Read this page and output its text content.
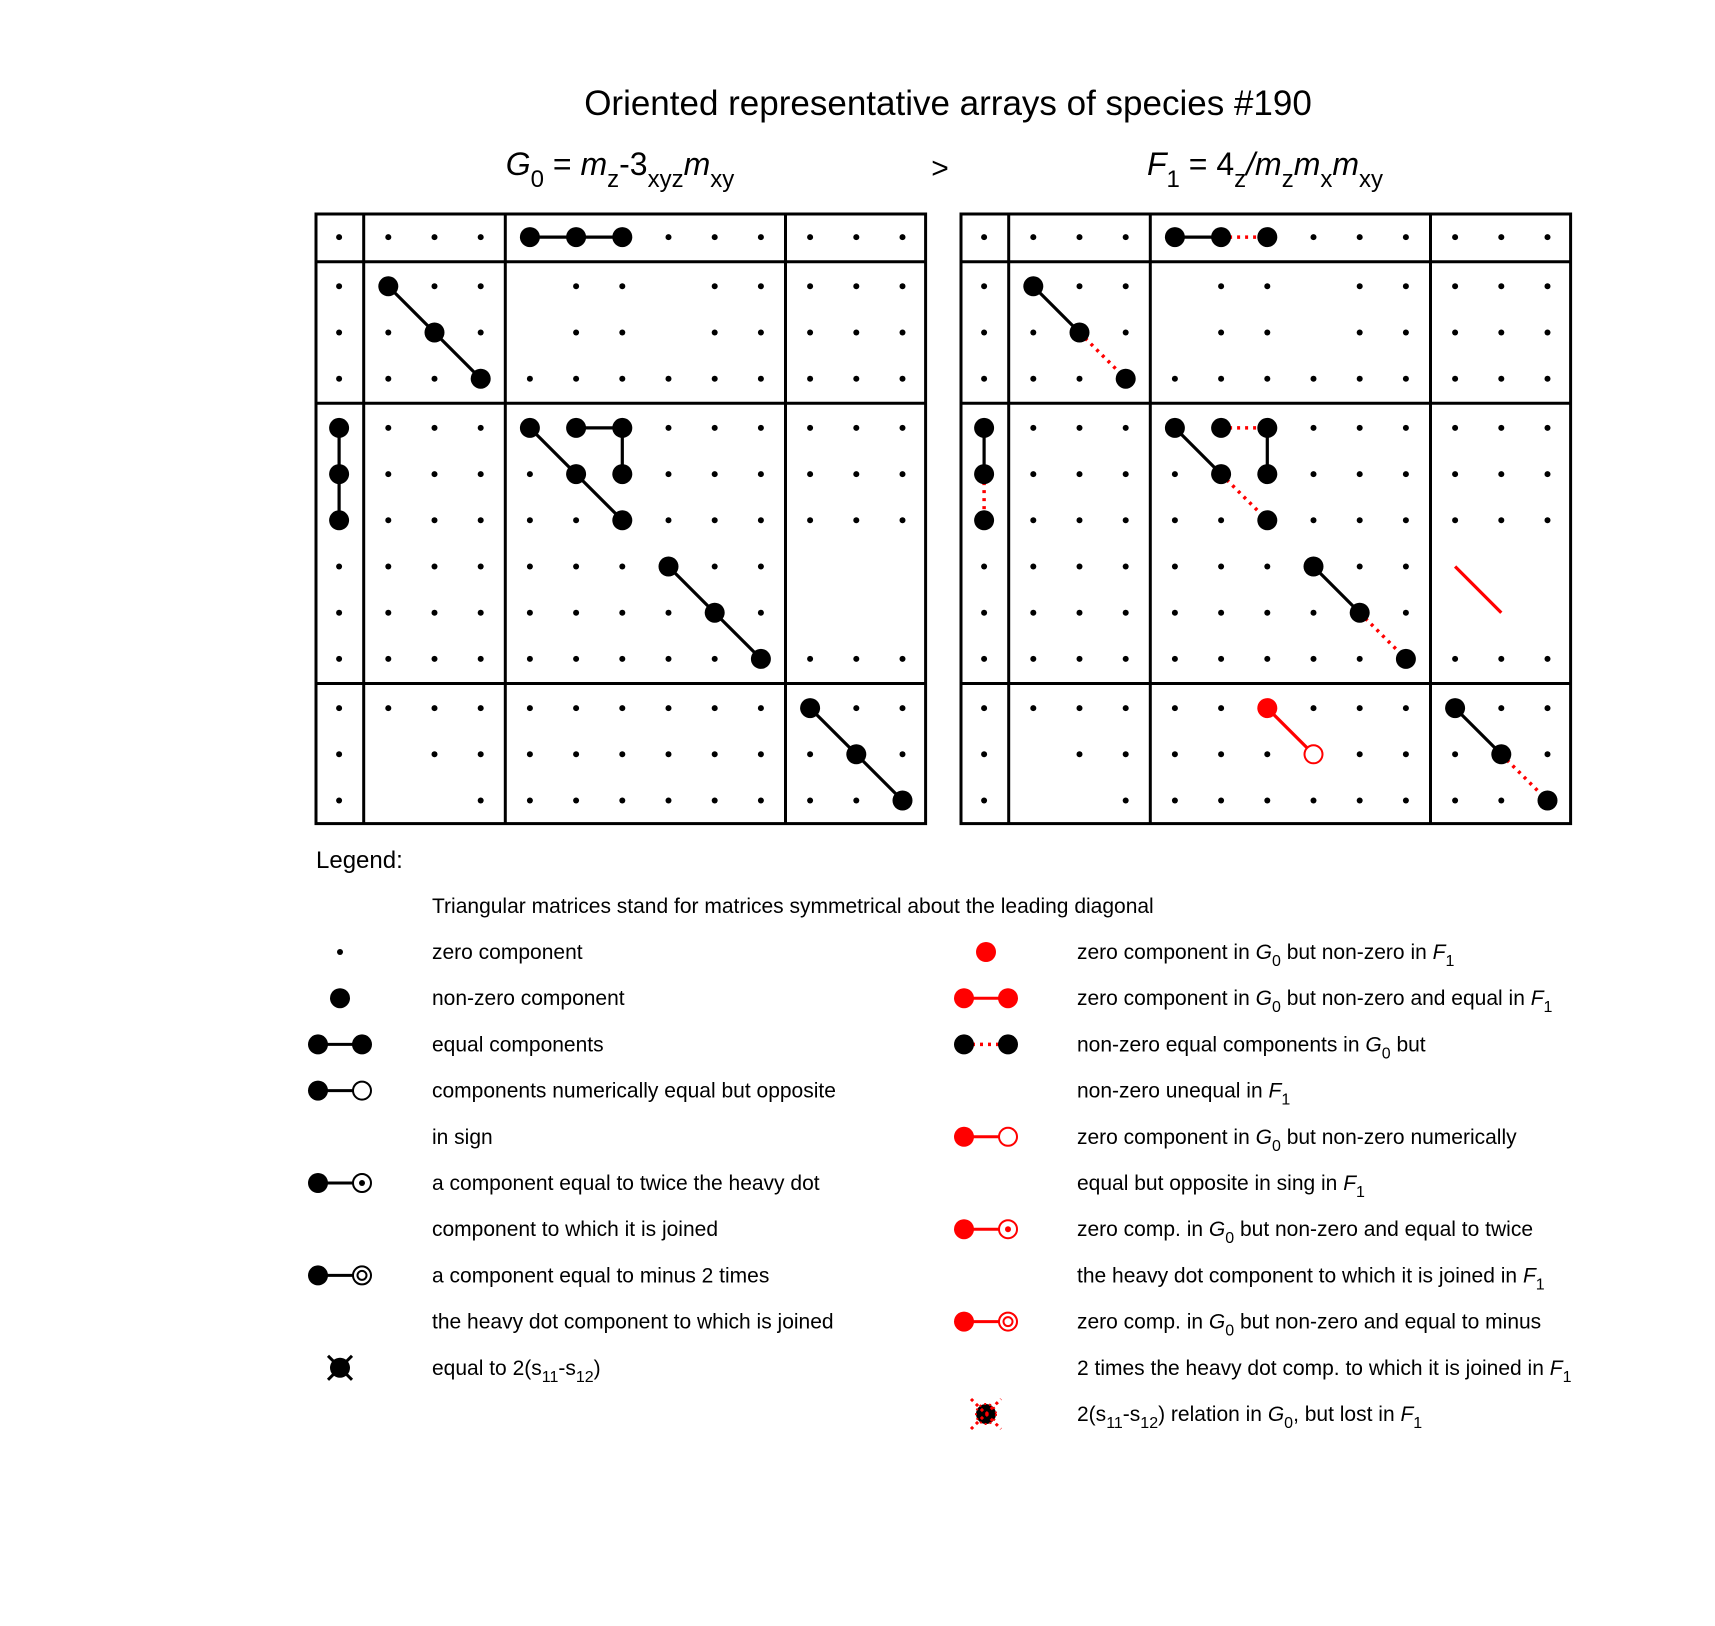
Oriented representative arrays of species #190
$G_0 = m_z-3_{xyz}m_{xy}$	>	$F_1 = 4_z/m_zm_xm_{xy}$
Legend:
Triangular matrices stand for matrices symmetrical about the leading diagonal
zero component
non-zero component
equal components
components numerically equal but opposite
in sign
a component equal to twice the heavy dot
component to which it is joined
a component equal to minus 2 times
the heavy dot component to which is joined
equal to $2(s_{11}-s_{12})$
zero component in $G_0$ but non-zero in $F_1$
zero component in $G_0$ but non-zero and equal in $F_1$
non-zero equal components in $G_0$ but
non-zero unequal in $F_1$
zero component in $G_0$ but non-zero numerically
equal but opposite in sing in $F_1$
zero comp. in $G_0$ but non-zero and equal to twice
the heavy dot component to which it is joined in $F_1$
zero comp. in $G_0$ but non-zero and equal to minus
2 times the heavy dot comp. to which it is joined in $F_1$
$2(s_{11}-s_{12})$ relation in $G_0$, but lost in $F_1$
